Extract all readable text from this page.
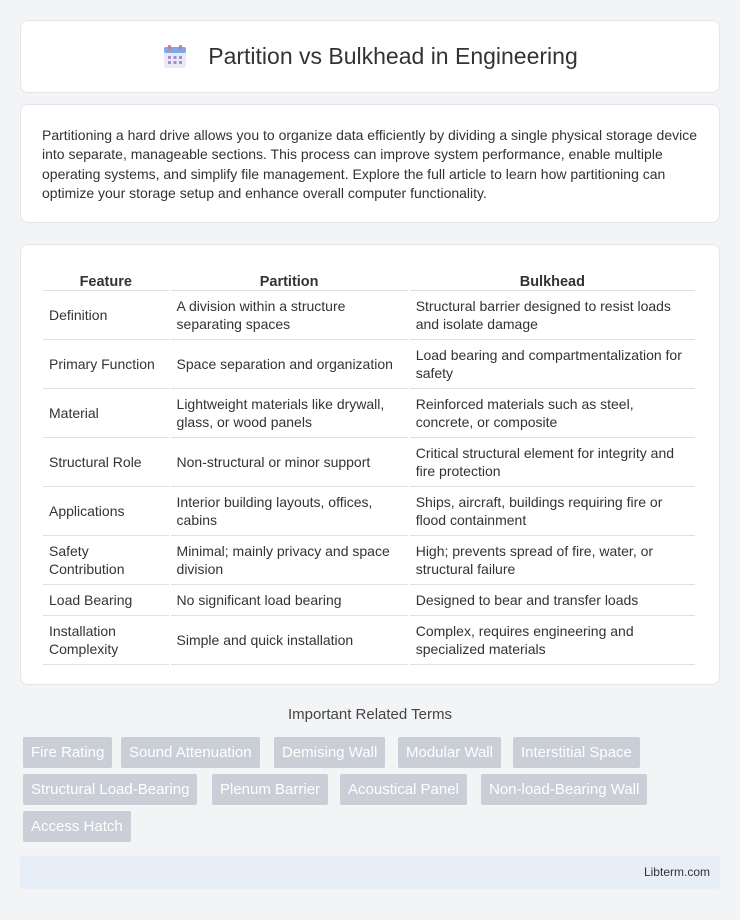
Partition vs Bulkhead in Engineering

Partitioning a hard drive allows you to organize data efficiently by dividing a single physical storage device into separate, manageable sections. This process can improve system performance, enable multiple operating systems, and simplify file management. Explore the full article to learn how partitioning can optimize your storage setup and enhance overall computer functionality.

Feature	Partition	Bulkhead
Definition	A division within a structure separating spaces	Structural barrier designed to resist loads and isolate damage
Primary Function	Space separation and organization	Load bearing and compartmentalization for safety
Material	Lightweight materials like drywall, glass, or wood panels	Reinforced materials such as steel, concrete, or composite
Structural Role	Non-structural or minor support	Critical structural element for integrity and fire protection
Applications	Interior building layouts, offices, cabins	Ships, aircraft, buildings requiring fire or flood containment
Safety Contribution	Minimal; mainly privacy and space division	High; prevents spread of fire, water, or structural failure
Load Bearing	No significant load bearing	Designed to bear and transfer loads
Installation Complexity	Simple and quick installation	Complex, requires engineering and specialized materials
Important Related Terms
Fire Rating	Sound Attenuation	Demising Wall	Modular Wall	Interstitial Space
Structural Load-Bearing	Plenum Barrier	Acoustical Panel	Non-load-Bearing Wall
Access Hatch
Libterm.com
